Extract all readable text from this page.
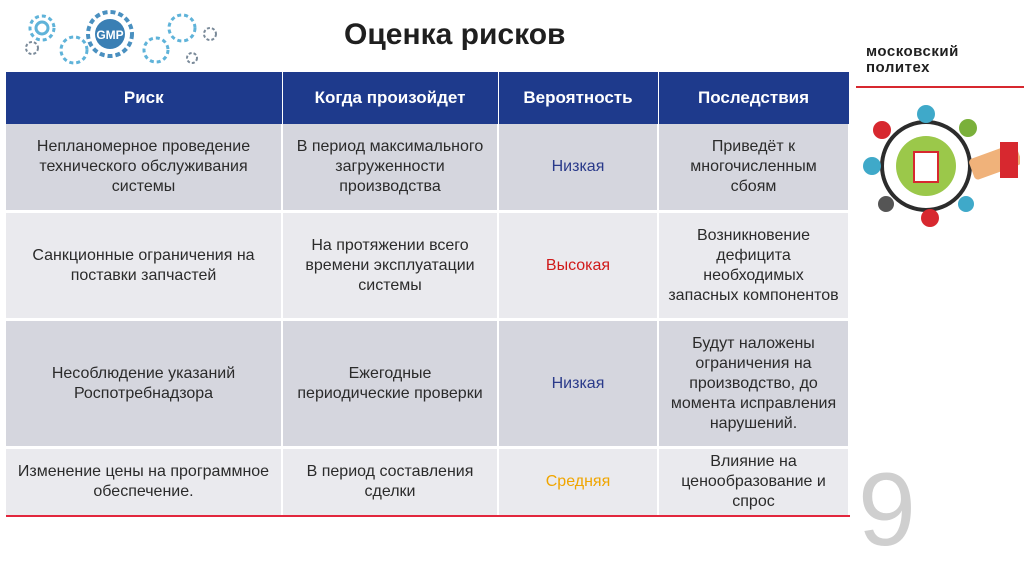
GMP	Оценка рисков
московский
политех
Риск	Когда произойдет	Вероятность	Последствия
Непланомерное проведение технического обслуживания системы	В период максимального загруженности производства	Низкая	Приведёт к многочисленным сбоям
Санкционные ограничения на поставки запчастей	На протяжении всего времени эксплуатации системы	Высокая	Возникновение дефицита необходимых запасных компонентов
Несоблюдение указаний Роспотребнадзора	Ежегодные периодические проверки	Низкая	Будут наложены ограничения на производство, до момента исправления нарушений.
Изменение цены на программное обеспечение.	В период составления сделки	Средняя	Влияние на ценообразование и спрос 9
